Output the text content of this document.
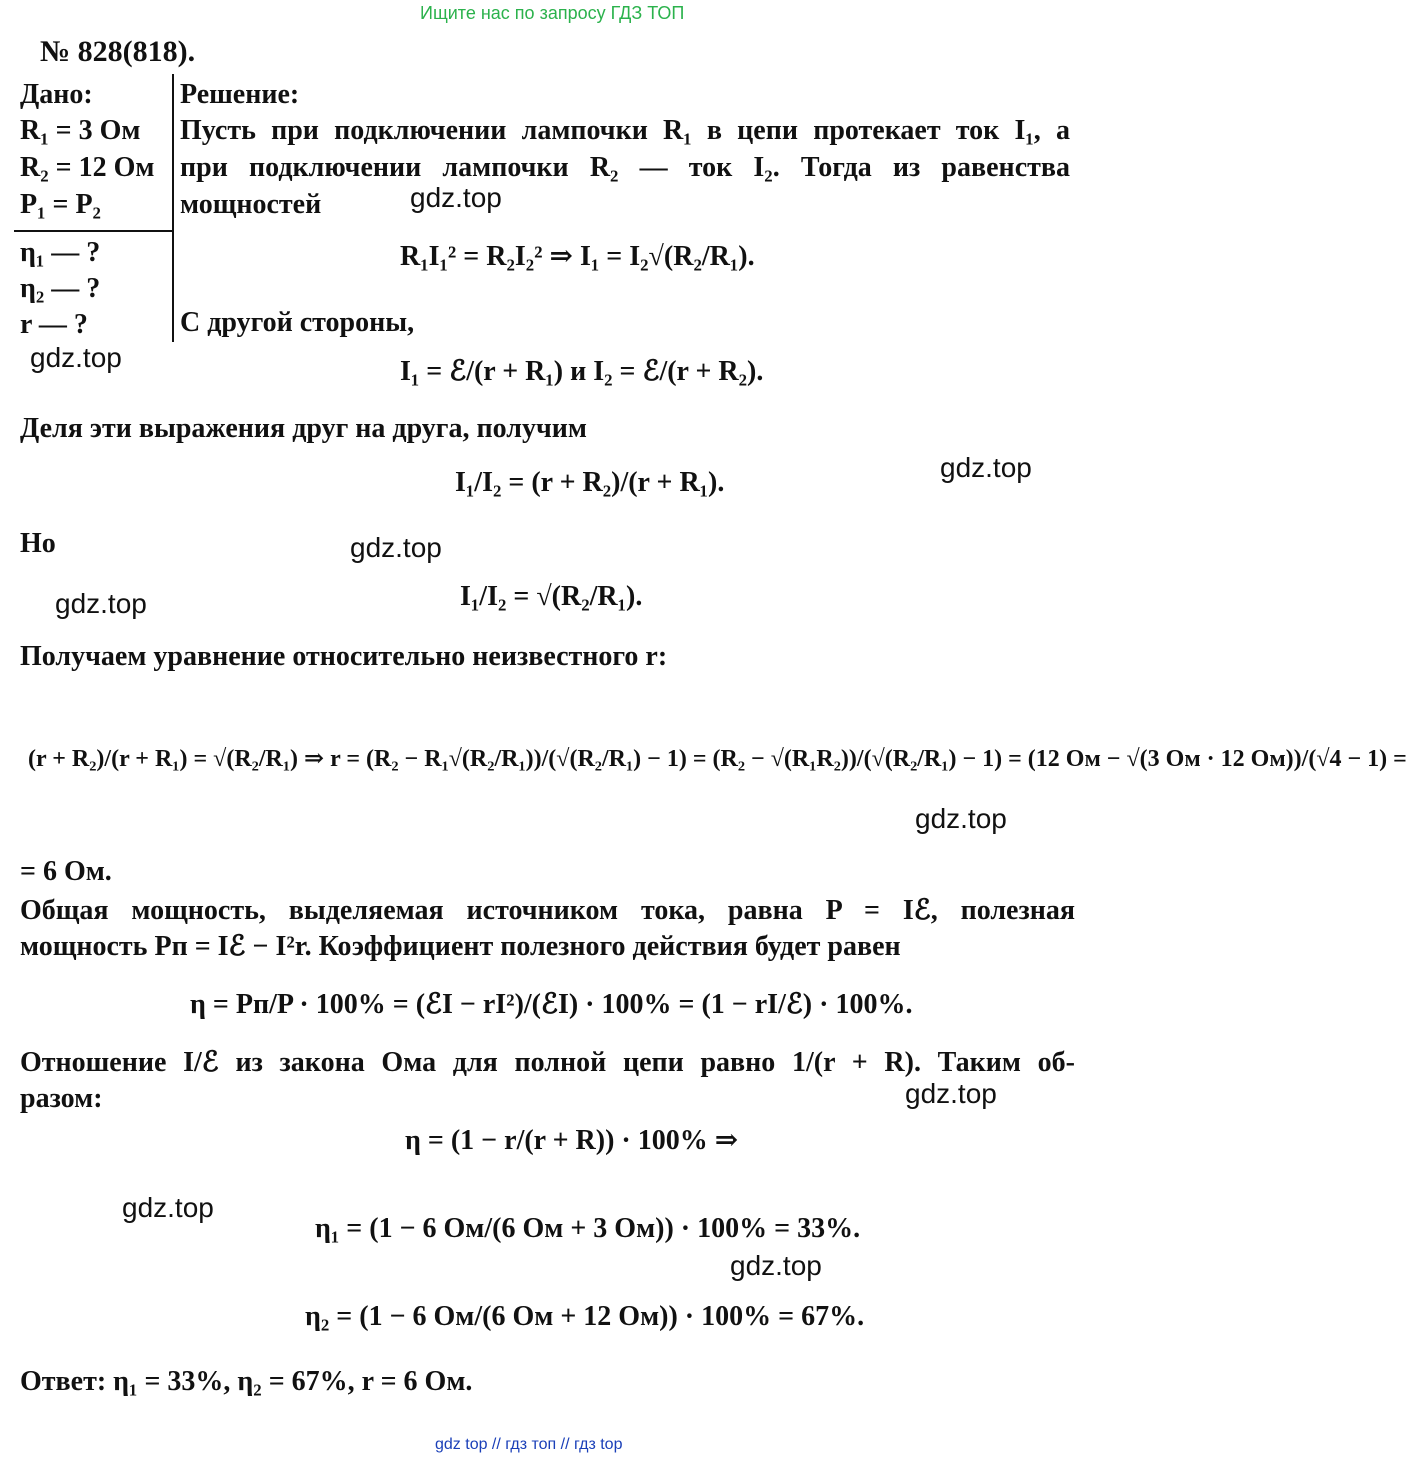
Ищите нас по запросу ГДЗ ТОП
№ 828(818).
Дано:
R₁ = 3 Ом
R₂ = 12 Ом
P₁ = P₂
η₁ — ?
η₂ — ?
r — ?
Решение:
Пусть при подключении лампочки R₁ в цепи протекает ток I₁, а
при подключении лампочки R₂ — ток I₂. Тогда из равенства
мощностей
R₁I₁² = R₂I₂² ⇒ I₁ = I₂√(R₂/R₁).
С другой стороны,
I₁ = ℰ/(r + R₁) и I₂ = ℰ/(r + R₂).
Деля эти выражения друг на друга, получим
I₁/I₂ = (r + R₂)/(r + R₁).
Но
I₁/I₂ = √(R₂/R₁).
Получаем уравнение относительно неизвестного r:
(r + R₂)/(r + R₁) = √(R₂/R₁) ⇒ r = (R₂ − R₁√(R₂/R₁))/(√(R₂/R₁) − 1) = (R₂ − √(R₁R₂))/(√(R₂/R₁) − 1) = (12 Ом − √(3 Ом · 12 Ом))/(√4 − 1) =
= 6 Ом.
Общая мощность, выделяемая источником тока, равна P = Iℰ, полезная
мощность Pп = Iℰ − I²r. Коэффициент полезного действия будет равен
η = Pп/P · 100% = (ℰI − rI²)/(ℰI) · 100% = (1 − rI/ℰ) · 100%.
Отношение I/ℰ из закона Ома для полной цепи равно 1/(r + R). Таким об-
разом:
η = (1 − r/(r + R)) · 100% ⇒
η₁ = (1 − 6 Ом/(6 Ом + 3 Ом)) · 100% = 33%.
η₂ = (1 − 6 Ом/(6 Ом + 12 Ом)) · 100% = 67%.
Ответ: η₁ = 33%, η₂ = 67%, r = 6 Ом.
gdz.top
gdz.top
gdz.top
gdz.top
gdz.top
gdz.top
gdz.top
gdz.top
gdz.top
gdz top // гдз топ // гдз top
